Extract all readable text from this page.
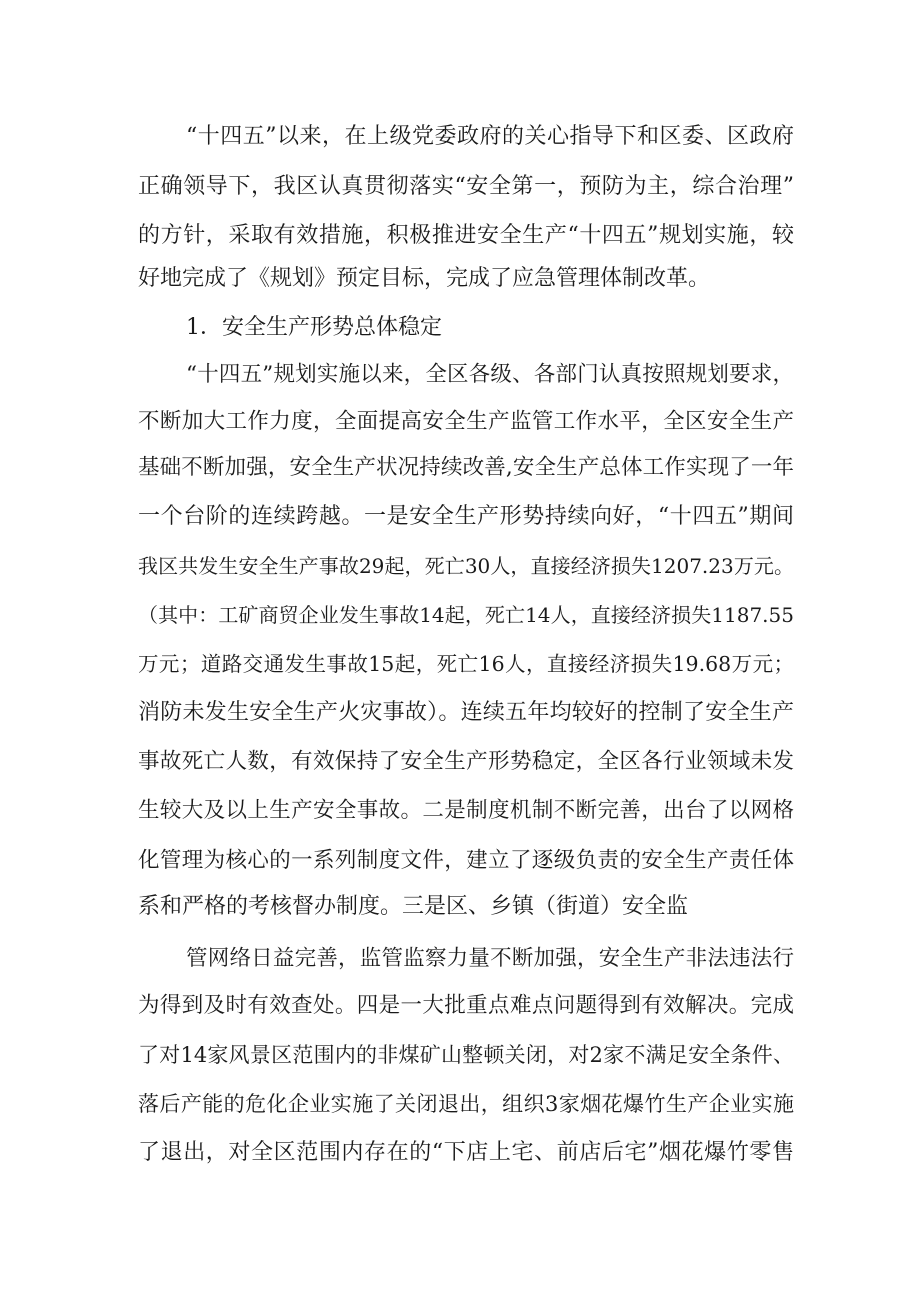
“十四五”以来，在上级党委政府的关心指导下和区委、区政府
正确领导下，我区认真贯彻落实“安全第一，预防为主，综合治理”
的方针，采取有效措施，积极推进安全生产“十四五”规划实施，较
好地完成了《规划》预定目标，完成了应急管理体制改革。
1．安全生产形势总体稳定
“十四五”规划实施以来，全区各级、各部门认真按照规划要求，
不断加大工作力度，全面提高安全生产监管工作水平，全区安全生产
基础不断加强，安全生产状况持续改善,安全生产总体工作实现了一年
一个台阶的连续跨越。一是安全生产形势持续向好，“十四五”期间
我区共发生安全生产事故29起，死亡30人，直接经济损失1207.23万元。
（其中：工矿商贸企业发生事故14起，死亡14人，直接经济损失1187.55
万元；道路交通发生事故15起，死亡16人，直接经济损失19.68万元；
消防未发生安全生产火灾事故）。连续五年均较好的控制了安全生产
事故死亡人数，有效保持了安全生产形势稳定，全区各行业领域未发
生较大及以上生产安全事故。二是制度机制不断完善，出台了以网格
化管理为核心的一系列制度文件，建立了逐级负责的安全生产责任体
系和严格的考核督办制度。三是区、乡镇（街道）安全监
管网络日益完善，监管监察力量不断加强，安全生产非法违法行
为得到及时有效查处。四是一大批重点难点问题得到有效解决。完成
了对14家风景区范围内的非煤矿山整顿关闭，对2家不满足安全条件、
落后产能的危化企业实施了关闭退出，组织3家烟花爆竹生产企业实施
了退出，对全区范围内存在的“下店上宅、前店后宅”烟花爆竹零售
